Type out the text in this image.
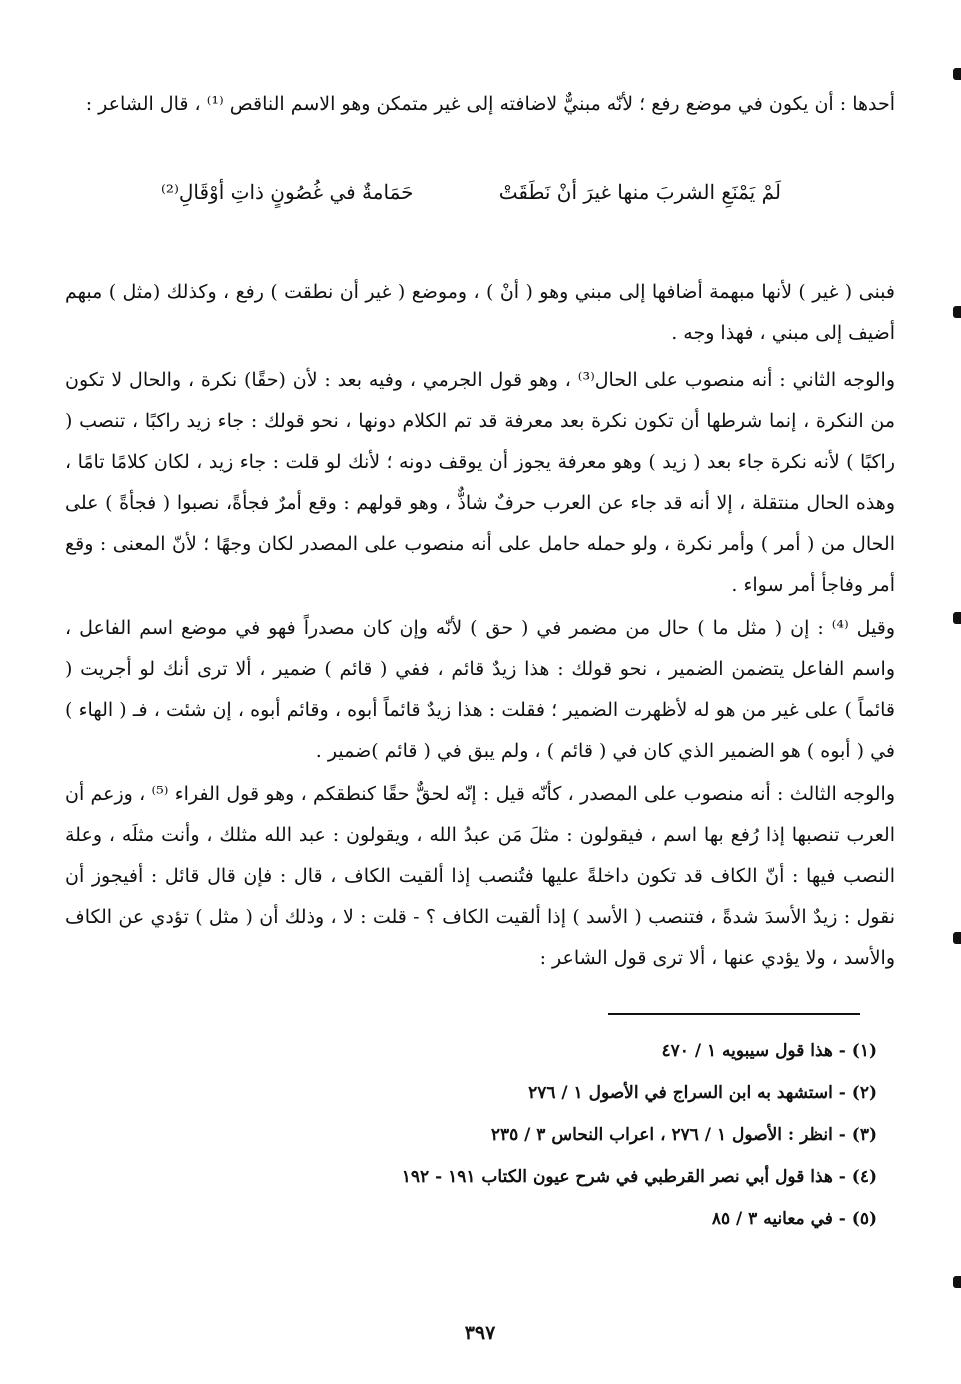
أحدها : أن يكون في موضع رفع ؛ لأنّه مبنيٌّ لاضافته إلى غير متمكن وهو الاسم الناقص ⁽¹⁾ ، قال الشاعر :

لَمْ يَمْنَعِ الشربَ منها غيرَ أنْ نَطَقَتْ
حَمَامةٌ في غُصُونٍ ذاتِ أوْقَالِ⁽²⁾

فبنى ( غير ) لأنها مبهمة أضافها إلى مبني وهو ( أنْ ) ، وموضع ( غير أن نطقت ) رفع ، وكذلك (مثل ) مبهم أضيف إلى مبني ، فهذا وجه .

والوجه الثاني : أنه منصوب على الحال⁽³⁾ ، وهو قول الجرمي ، وفيه بعد : لأن (حقًا) نكرة ، والحال لا تكون من النكرة ، إنما شرطها أن تكون نكرة بعد معرفة قد تم الكلام دونها ، نحو قولك : جاء زيد راكبًا ، تنصب ( راكبًا ) لأنه نكرة جاء بعد ( زيد ) وهو معرفة يجوز أن يوقف دونه ؛ لأنك لو قلت : جاء زيد ، لكان كلامًا تامًا ، وهذه الحال منتقلة ، إلا أنه قد جاء عن العرب حرفٌ شاذٌّ ، وهو قولهم : وقع أمرٌ فجأةً، نصبوا ( فجأةً ) على الحال من ( أمر ) وأمر نكرة ، ولو حمله حامل على أنه منصوب على المصدر لكان وجهًا ؛ لأنّ المعنى : وقع أمر وفاجأ أمر سواء .

وقيل ⁽⁴⁾ : إن ( مثل ما ) حال من مضمر في ( حق ) لأنّه وإن كان مصدراً فهو في موضع اسم الفاعل ، واسم الفاعل يتضمن الضمير ، نحو قولك : هذا زيدٌ قائم ، ففي ( قائم ) ضمير ، ألا ترى أنك لو أجريت ( قائماً ) على غير من هو له لأظهرت الضمير ؛ فقلت : هذا زيدٌ قائماً أبوه ، وقائم أبوه ، إن شئت ، فـ ( الهاء ) في ( أبوه ) هو الضمير الذي كان في ( قائم ) ، ولم يبق في ( قائم )ضمير .

والوجه الثالث : أنه منصوب على المصدر ، كأنّه قيل : إنّه لحقٌّ حقًا كنطقكم ، وهو قول الفراء ⁽⁵⁾ ، وزعم أن العرب تنصبها إذا رُفع بها اسم ، فيقولون : مثلَ مَن عبدُ الله ، ويقولون : عبد الله مثلك ، وأنت مثلَه ، وعلة النصب فيها : أنّ الكاف قد تكون داخلةً عليها فتُنصب إذا ألقيت الكاف ، قال : فإن قال قائل : أفيجوز أن نقول : زيدٌ الأسدَ شدةً ، فتنصب ( الأسد ) إذا ألقيت الكاف ؟ - قلت : لا ، وذلك أن ( مثل ) تؤدي عن الكاف والأسد ، ولا يؤدي عنها ، ألا ترى قول الشاعر :

(١) - هذا قول سيبويه ١ / ٤٧٠
(٢) - استشهد به ابن السراج في الأصول ١ / ٢٧٦
(٣) - انظر : الأصول ١ / ٢٧٦ ، اعراب النحاس ٣ / ٢٣٥
(٤) - هذا قول أبي نصر القرطبي في شرح عيون الكتاب ١٩١ - ١٩٢
(٥) - في معانيه ٣ / ٨٥
٣٩٧
